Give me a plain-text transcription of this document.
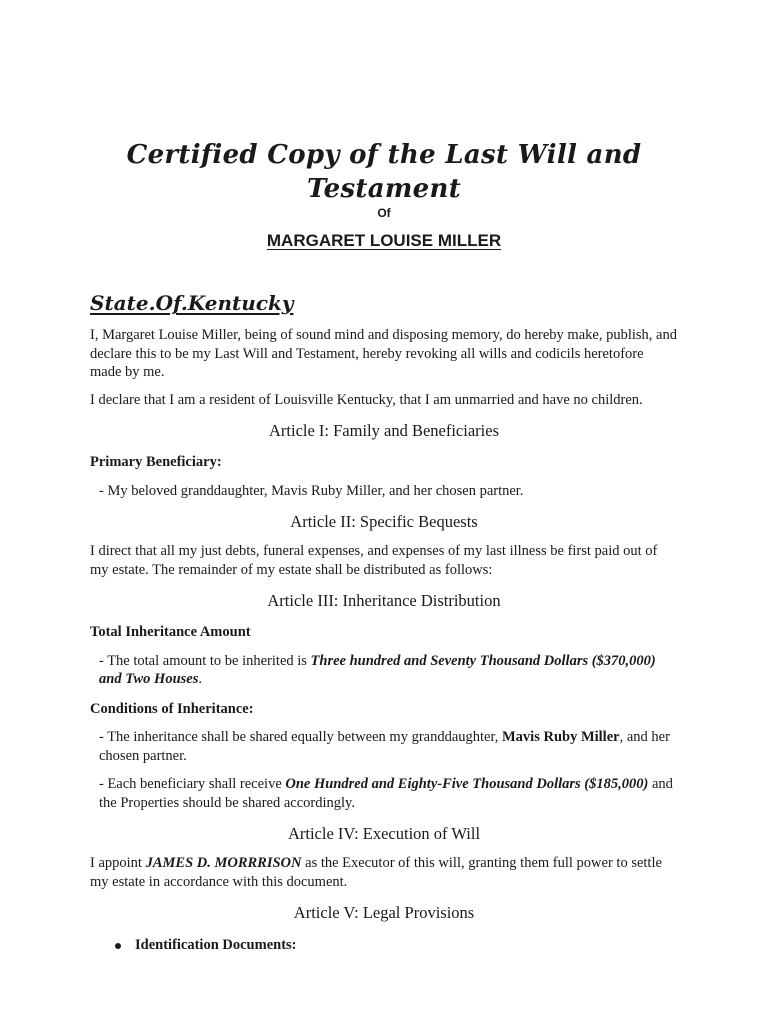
Certified Copy of the Last Will and Testament
Of
MARGARET LOUISE MILLER
State.Of.Kentucky

I, Margaret Louise Miller, being of sound mind and disposing memory, do hereby make, publish, and declare this to be my Last Will and Testament, hereby revoking all wills and codicils heretofore made by me.

I declare that I am a resident of Louisville Kentucky, that I am unmarried and have no children.

Article I: Family and Beneficiaries

Primary Beneficiary:

- My beloved granddaughter, Mavis Ruby Miller, and her chosen partner.

Article II: Specific Bequests

I direct that all my just debts, funeral expenses, and expenses of my last illness be first paid out of my estate. The remainder of my estate shall be distributed as follows:

Article III: Inheritance Distribution

Total Inheritance Amount

- The total amount to be inherited is Three hundred and Seventy Thousand Dollars ($370,000) and Two Houses.

Conditions of Inheritance:

- The inheritance shall be shared equally between my granddaughter, Mavis Ruby Miller, and her chosen partner.

- Each beneficiary shall receive One Hundred and Eighty-Five Thousand Dollars ($185,000) and the Properties should be shared accordingly.

Article IV: Execution of Will

I appoint JAMES D. MORRRISON as the Executor of this will, granting them full power to settle my estate in accordance with this document.

Article V: Legal Provisions
Identification Documents:
